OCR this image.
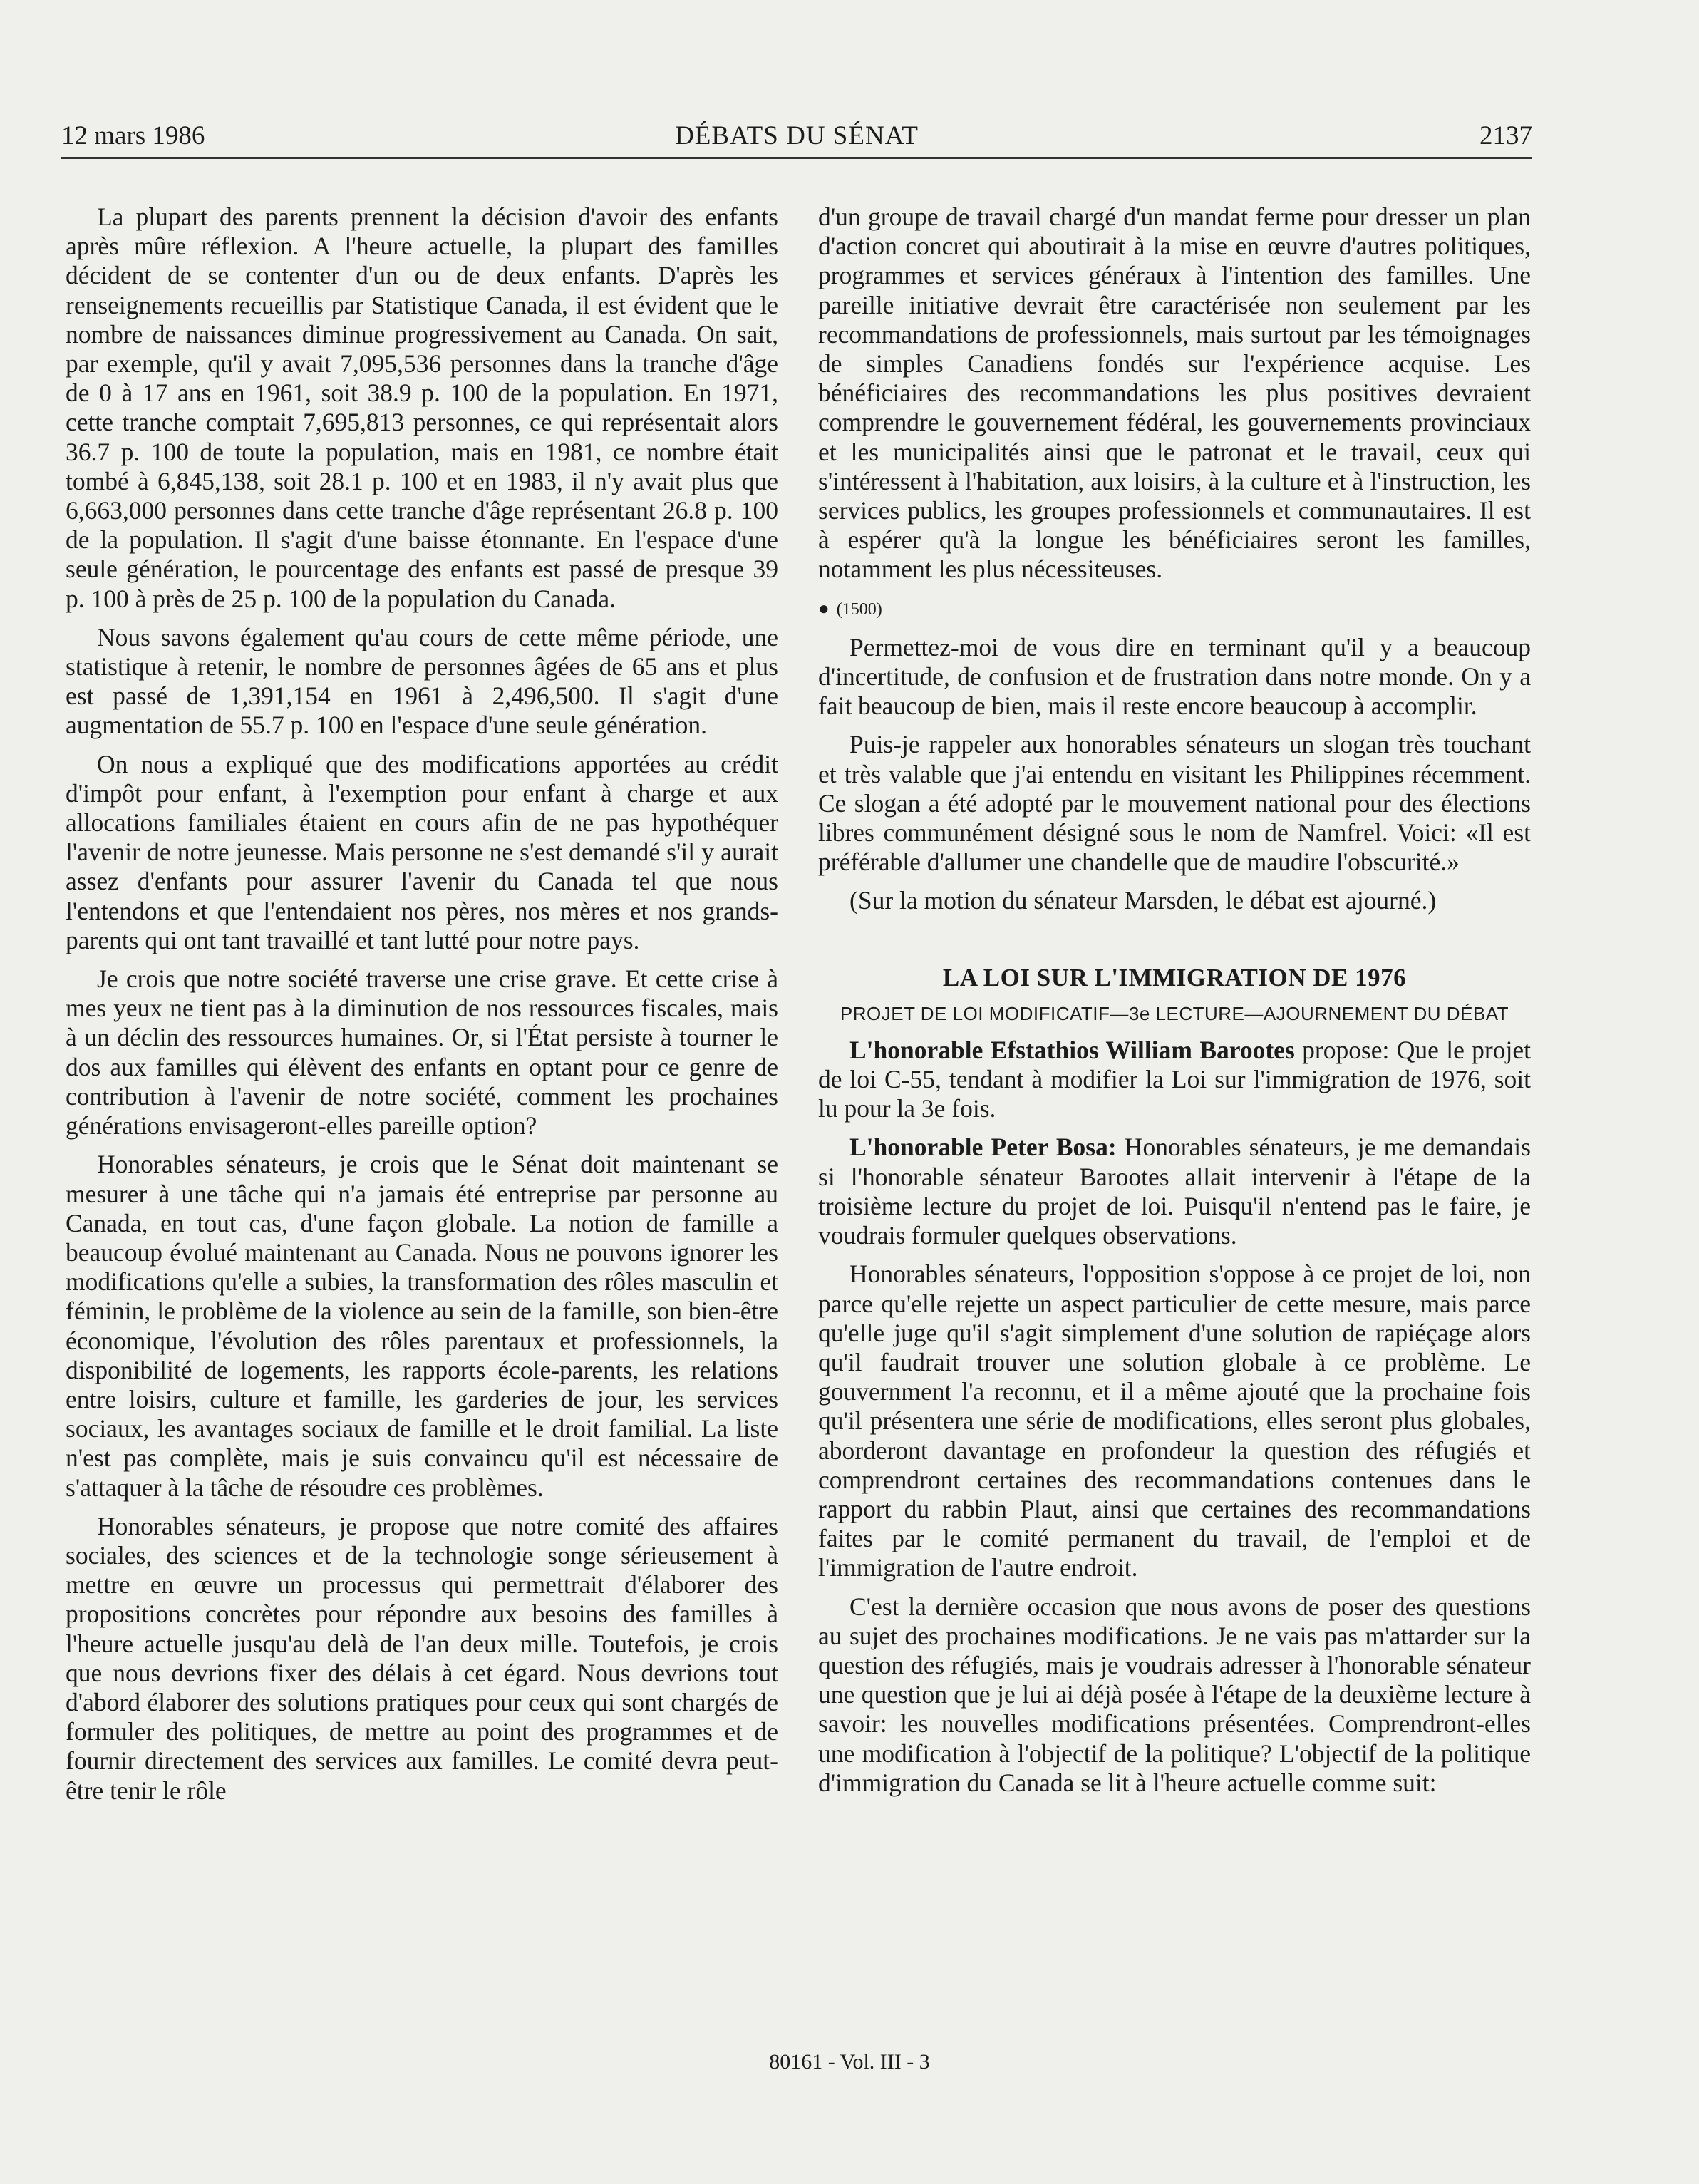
12 mars 1986	DÉBATS DU SÉNAT	2137

La plupart des parents prennent la décision d'avoir des enfants après mûre réflexion. A l'heure actuelle, la plupart des familles décident de se contenter d'un ou de deux enfants. D'après les renseignements recueillis par Statistique Canada, il est évident que le nombre de naissances diminue progressivement au Canada. On sait, par exemple, qu'il y avait 7,095,536 personnes dans la tranche d'âge de 0 à 17 ans en 1961, soit 38.9 p. 100 de la population. En 1971, cette tranche comptait 7,695,813 personnes, ce qui représentait alors 36.7 p. 100 de toute la population, mais en 1981, ce nombre était tombé à 6,845,138, soit 28.1 p. 100 et en 1983, il n'y avait plus que 6,663,000 personnes dans cette tranche d'âge représentant 26.8 p. 100 de la population. Il s'agit d'une baisse étonnante. En l'espace d'une seule génération, le pourcentage des enfants est passé de presque 39 p. 100 à près de 25 p. 100 de la population du Canada.

Nous savons également qu'au cours de cette même période, une statistique à retenir, le nombre de personnes âgées de 65 ans et plus est passé de 1,391,154 en 1961 à 2,496,500. Il s'agit d'une augmentation de 55.7 p. 100 en l'espace d'une seule génération.

On nous a expliqué que des modifications apportées au crédit d'impôt pour enfant, à l'exemption pour enfant à charge et aux allocations familiales étaient en cours afin de ne pas hypothéquer l'avenir de notre jeunesse. Mais personne ne s'est demandé s'il y aurait assez d'enfants pour assurer l'avenir du Canada tel que nous l'entendons et que l'entendaient nos pères, nos mères et nos grands-parents qui ont tant travaillé et tant lutté pour notre pays.

Je crois que notre société traverse une crise grave. Et cette crise à mes yeux ne tient pas à la diminution de nos ressources fiscales, mais à un déclin des ressources humaines. Or, si l'État persiste à tourner le dos aux familles qui élèvent des enfants en optant pour ce genre de contribution à l'avenir de notre société, comment les prochaines générations envisageront-elles pareille option?

Honorables sénateurs, je crois que le Sénat doit maintenant se mesurer à une tâche qui n'a jamais été entreprise par personne au Canada, en tout cas, d'une façon globale. La notion de famille a beaucoup évolué maintenant au Canada. Nous ne pouvons ignorer les modifications qu'elle a subies, la transformation des rôles masculin et féminin, le problème de la violence au sein de la famille, son bien-être économique, l'évolution des rôles parentaux et professionnels, la disponibilité de logements, les rapports école-parents, les relations entre loisirs, culture et famille, les garderies de jour, les services sociaux, les avantages sociaux de famille et le droit familial. La liste n'est pas complète, mais je suis convaincu qu'il est nécessaire de s'attaquer à la tâche de résoudre ces problèmes.

Honorables sénateurs, je propose que notre comité des affaires sociales, des sciences et de la technologie songe sérieusement à mettre en œuvre un processus qui permettrait d'élaborer des propositions concrètes pour répondre aux besoins des familles à l'heure actuelle jusqu'au delà de l'an deux mille. Toutefois, je crois que nous devrions fixer des délais à cet égard. Nous devrions tout d'abord élaborer des solutions pratiques pour ceux qui sont chargés de formuler des politiques, de mettre au point des programmes et de fournir directement des services aux familles. Le comité devra peut-être tenir le rôle

d'un groupe de travail chargé d'un mandat ferme pour dresser un plan d'action concret qui aboutirait à la mise en œuvre d'autres politiques, programmes et services généraux à l'intention des familles. Une pareille initiative devrait être caractérisée non seulement par les recommandations de professionnels, mais surtout par les témoignages de simples Canadiens fondés sur l'expérience acquise. Les bénéficiaires des recommandations les plus positives devraient comprendre le gouvernement fédéral, les gouvernements provinciaux et les municipalités ainsi que le patronat et le travail, ceux qui s'intéressent à l'habitation, aux loisirs, à la culture et à l'instruction, les services publics, les groupes professionnels et communautaires. Il est à espérer qu'à la longue les bénéficiaires seront les familles, notamment les plus nécessiteuses.

● (1500)

Permettez-moi de vous dire en terminant qu'il y a beaucoup d'incertitude, de confusion et de frustration dans notre monde. On y a fait beaucoup de bien, mais il reste encore beaucoup à accomplir.

Puis-je rappeler aux honorables sénateurs un slogan très touchant et très valable que j'ai entendu en visitant les Philippines récemment. Ce slogan a été adopté par le mouvement national pour des élections libres communément désigné sous le nom de Namfrel. Voici: «Il est préférable d'allumer une chandelle que de maudire l'obscurité.»

(Sur la motion du sénateur Marsden, le débat est ajourné.)

LA LOI SUR L'IMMIGRATION DE 1976
PROJET DE LOI MODIFICATIF—3e LECTURE—AJOURNEMENT DU DÉBAT

L'honorable Efstathios William Barootes propose: Que le projet de loi C-55, tendant à modifier la Loi sur l'immigration de 1976, soit lu pour la 3e fois.

L'honorable Peter Bosa: Honorables sénateurs, je me demandais si l'honorable sénateur Barootes allait intervenir à l'étape de la troisième lecture du projet de loi. Puisqu'il n'entend pas le faire, je voudrais formuler quelques observations.

Honorables sénateurs, l'opposition s'oppose à ce projet de loi, non parce qu'elle rejette un aspect particulier de cette mesure, mais parce qu'elle juge qu'il s'agit simplement d'une solution de rapiéçage alors qu'il faudrait trouver une solution globale à ce problème. Le gouvernment l'a reconnu, et il a même ajouté que la prochaine fois qu'il présentera une série de modifications, elles seront plus globales, aborderont davantage en profondeur la question des réfugiés et comprendront certaines des recommandations contenues dans le rapport du rabbin Plaut, ainsi que certaines des recommandations faites par le comité permanent du travail, de l'emploi et de l'immigration de l'autre endroit.

C'est la dernière occasion que nous avons de poser des questions au sujet des prochaines modifications. Je ne vais pas m'attarder sur la question des réfugiés, mais je voudrais adresser à l'honorable sénateur une question que je lui ai déjà posée à l'étape de la deuxième lecture à savoir: les nouvelles modifications présentées. Comprendront-elles une modification à l'objectif de la politique? L'objectif de la politique d'immigration du Canada se lit à l'heure actuelle comme suit:

80161 - Vol. III - 3
